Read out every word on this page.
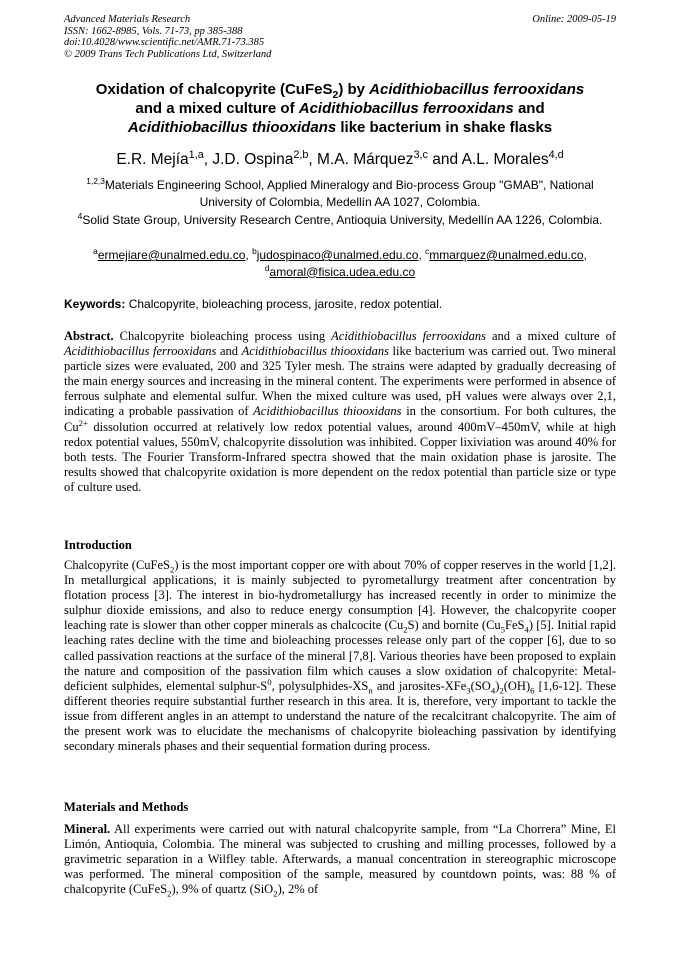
Advanced Materials Research
ISSN: 1662-8985, Vols. 71-73, pp 385-388
doi:10.4028/www.scientific.net/AMR.71-73.385
© 2009 Trans Tech Publications Ltd, Switzerland
Online: 2009-05-19
Oxidation of chalcopyrite (CuFeS$_2$) by Acidithiobacillus ferrooxidans
and a mixed culture of Acidithiobacillus ferrooxidans and
Acidithiobacillus thiooxidans like bacterium in shake flasks
E.R. Mejía$^{1,a}$, J.D. Ospina$^{2,b}$, M.A. Márquez$^{3,c}$ and A.L. Morales$^{4,d}$
$^{1,2,3}$Materials Engineering School, Applied Mineralogy and Bio-process Group "GMAB", National University of Colombia, Medellín AA 1027, Colombia.
$^4$Solid State Group, University Research Centre, Antioquia University, Medellín AA 1226, Colombia.
$^a$ermejiare@unalmed.edu.co, $^b$judospinaco@unalmed.edu.co, $^c$mmarquez@unalmed.edu.co,
$^d$amoral@fisica.udea.edu.co
Keywords: Chalcopyrite, bioleaching process, jarosite, redox potential.
Abstract. Chalcopyrite bioleaching process using Acidithiobacillus ferrooxidans and a mixed culture of Acidithiobacillus ferrooxidans and Acidithiobacillus thiooxidans like bacterium was carried out. Two mineral particle sizes were evaluated, 200 and 325 Tyler mesh. The strains were adapted by gradually decreasing of the main energy sources and increasing in the mineral content. The experiments were performed in absence of ferrous sulphate and elemental sulfur. When the mixed culture was used, pH values were always over 2,1, indicating a probable passivation of Acidithiobacillus thiooxidans in the consortium. For both cultures, the $Cu^{2+}$ dissolution occurred at relatively low redox potential values, around 400mV–450mV, while at high redox potential values, 550mV, chalcopyrite dissolution was inhibited. Copper lixiviation was around 40% for both tests. The Fourier Transform-Infrared spectra showed that the main oxidation phase is jarosite. The results showed that chalcopyrite oxidation is more dependent on the redox potential than particle size or type of culture used.
Introduction
Chalcopyrite (CuFeS$_2$) is the most important copper ore with about 70% of copper reserves in the world [1,2]. In metallurgical applications, it is mainly subjected to pyrometallurgy treatment after concentration by flotation process [3]. The interest in bio-hydrometallurgy has increased recently in order to minimize the sulphur dioxide emissions, and also to reduce energy consumption [4]. However, the chalcopyrite cooper leaching rate is slower than other copper minerals as chalcocite $(Cu_2S)$ and bornite $(Cu_5FeS_4)$ [5]. Initial rapid leaching rates decline with the time and bioleaching processes release only part of the copper [6], due to so called passivation reactions at the surface of the mineral [7,8]. Various theories have been proposed to explain the nature and composition of the passivation film which causes a slow oxidation of chalcopyrite: Metal-deficient sulphides, elemental sulphur-$S^0$, polysulphides-$XS_n$ and jarosites-$XFe_3(SO_4)_2(OH)_6$ [1,6-12]. These different theories require substantial further research in this area. It is, therefore, very important to tackle the issue from different angles in an attempt to understand the nature of the recalcitrant chalcopyrite. The aim of the present work was to elucidate the mechanisms of chalcopyrite bioleaching passivation by identifying secondary minerals phases and their sequential formation during process.
Materials and Methods
Mineral. All experiments were carried out with natural chalcopyrite sample, from “La Chorrera” Mine, El Limón, Antioquia, Colombia. The mineral was subjected to crushing and milling processes, followed by a gravimetric separation in a Wilfley table. Afterwards, a manual concentration in stereographic microscope was performed. The mineral composition of the sample, measured by countdown points, was: 88 % of chalcopyrite (CuFeS$_2$), 9% of quartz (SiO$_2$), 2% of
